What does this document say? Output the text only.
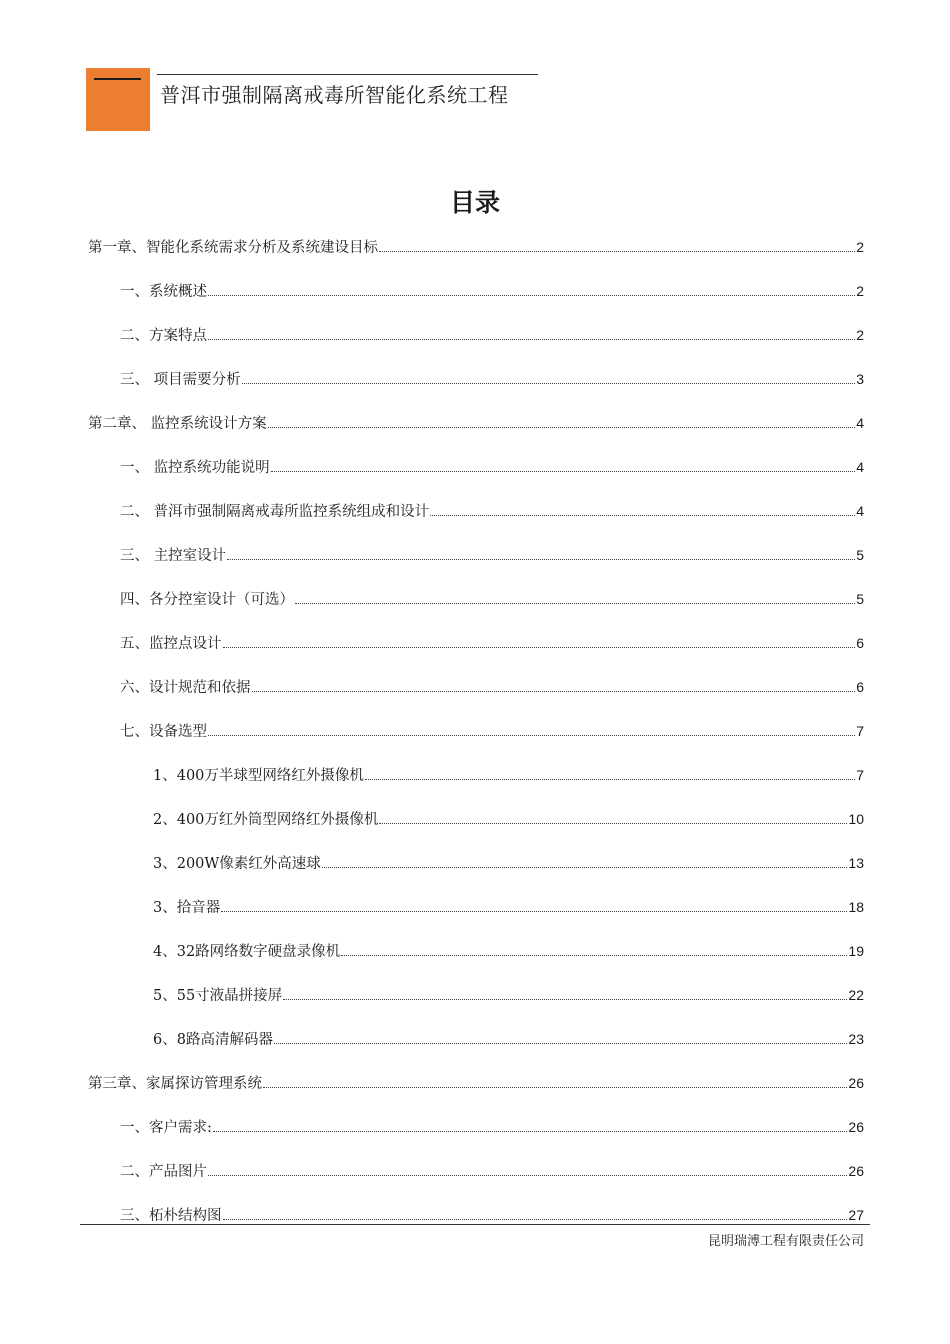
普洱市强制隔离戒毒所智能化系统工程
目录
第一章、智能化系统需求分析及系统建设目标	2
一、系统概述	2
二、方案特点	2
三、 项目需要分析	3
第二章、 监控系统设计方案	4
一、 监控系统功能说明	4
二、 普洱市强制隔离戒毒所监控系统组成和设计	4
三、 主控室设计	5
四、各分控室设计（可选）	5
五、监控点设计	6
六、设计规范和依据	6
七、设备选型	7
1、400万半球型网络红外摄像机	7
2、400万红外筒型网络红外摄像机	10
3、200W像素红外高速球	13
3、拾音器	18
4、32路网络数字硬盘录像机	19
5、55寸液晶拼接屏	22
6、8路高清解码器	23
第三章、家属探访管理系统	26
一、客户需求:	26
二、产品图片	26
三、柘朴结构图	27
昆明瑞溥工程有限责任公司
